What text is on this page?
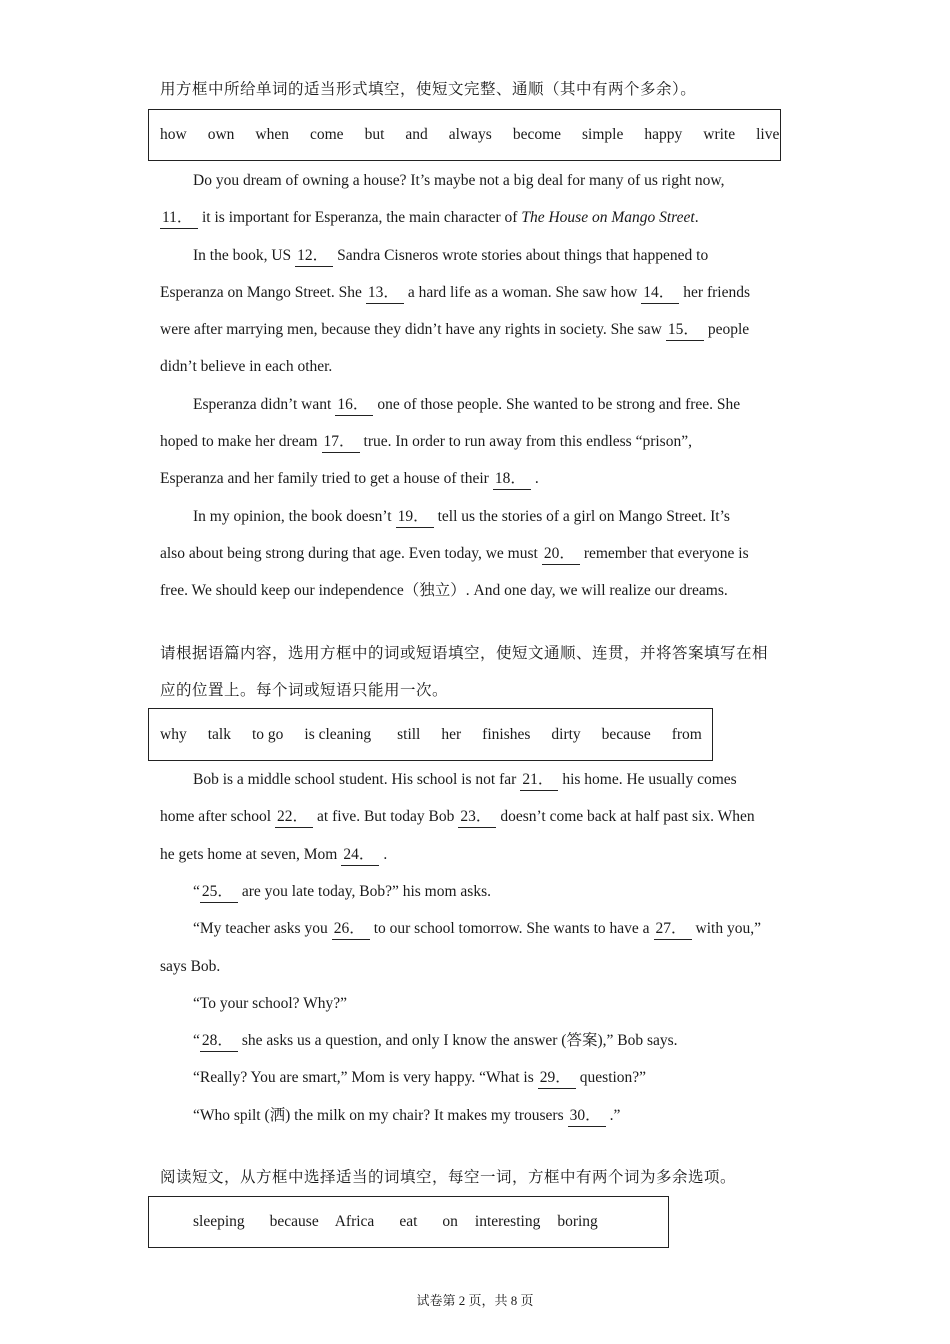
用方框中所给单词的适当形式填空，使短文完整、通顺（其中有两个多余）。
how own when come but and always become simple happy write live
Do you dream of owning a house? It’s maybe not a big deal for many of us right now,
11． it is important for Esperanza, the main character of The House on Mango Street.
In the book, US 12． Sandra Cisneros wrote stories about things that happened to
Esperanza on Mango Street. She 13． a hard life as a woman. She saw how 14． her friends
were after marrying men, because they didn’t have any rights in society. She saw 15． people
didn’t believe in each other.
Esperanza didn’t want 16． one of those people. She wanted to be strong and free. She
hoped to make her dream 17． true. In order to run away from this endless “prison”,
Esperanza and her family tried to get a house of their 18． .
In my opinion, the book doesn’t 19． tell us the stories of a girl on Mango Street. It’s
also about being strong during that age. Even today, we must 20． remember that everyone is
free. We should keep our independence（独立）. And one day, we will realize our dreams.
请根据语篇内容，选用方框中的词或短语填空，使短文通顺、连贯，并将答案填写在相
应的位置上。每个词或短语只能用一次。
why talk to go is cleaning still her finishes dirty because from
Bob is a middle school student. His school is not far 21． his home. He usually comes
home after school 22． at five. But today Bob 23． doesn’t come back at half past six. When
he gets home at seven, Mom 24． .
“ 25． are you late today, Bob?” his mom asks.
“My teacher asks you 26． to our school tomorrow. She wants to have a 27． with you,”
says Bob.
“To your school? Why?”
“ 28． she asks us a question, and only I know the answer (答案),” Bob says.
“Really? You are smart,” Mom is very happy. “What is 29． question?”
“Who spilt (洒) the milk on my chair? It makes my trousers 30． .”
阅读短文，从方框中选择适当的词填空，每空一词，方框中有两个词为多余选项。
sleeping because Africa eat on interesting boring
试卷第 2 页，共 8 页
